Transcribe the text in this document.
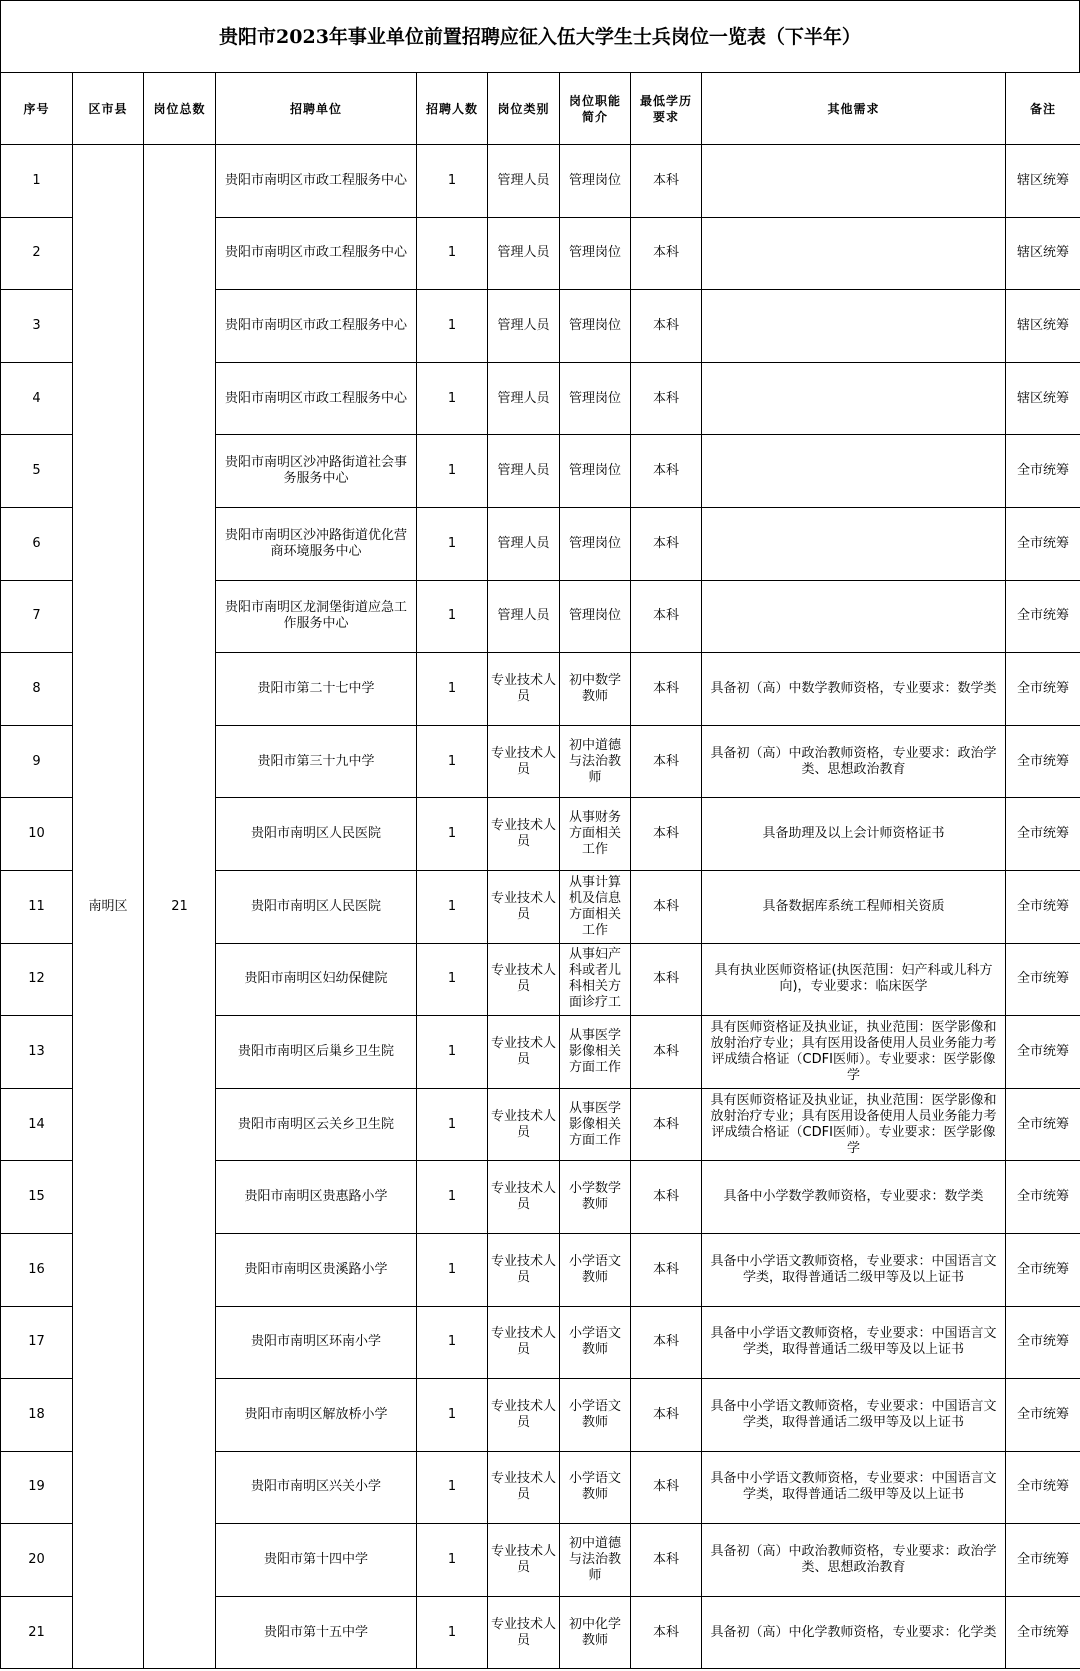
贵阳市2023年事业单位前置招聘应征入伍大学生士兵岗位一览表（下半年）
序号	区市县	岗位总数	招聘单位	招聘人数	岗位类别	岗位职能简介	最低学历要求	其他需求	备注
1	南明区	21	贵阳市南明区市政工程服务中心	1	管理人员	管理岗位	本科		辖区统筹
2			贵阳市南明区市政工程服务中心	1	管理人员	管理岗位	本科		辖区统筹
3			贵阳市南明区市政工程服务中心	1	管理人员	管理岗位	本科		辖区统筹
4			贵阳市南明区市政工程服务中心	1	管理人员	管理岗位	本科		辖区统筹
5			贵阳市南明区沙冲路街道社会事务服务中心	1	管理人员	管理岗位	本科		全市统筹
6			贵阳市南明区沙冲路街道优化营商环境服务中心	1	管理人员	管理岗位	本科		全市统筹
7			贵阳市南明区龙洞堡街道应急工作服务中心	1	管理人员	管理岗位	本科		全市统筹
8			贵阳市第二十七中学	1	专业技术人员	初中数学教师	本科	具备初（高）中数学教师资格，专业要求：数学类	全市统筹
9			贵阳市第三十九中学	1	专业技术人员	初中道德与法治教师	本科	具备初（高）中政治教师资格，专业要求：政治学类、思想政治教育	全市统筹
10			贵阳市南明区人民医院	1	专业技术人员	从事财务方面相关工作	本科	具备助理及以上会计师资格证书	全市统筹
11			贵阳市南明区人民医院	1	专业技术人员	从事计算机及信息方面相关工作	本科	具备数据库系统工程师相关资质	全市统筹
12			贵阳市南明区妇幼保健院	1	专业技术人员	从事妇产科或者儿科相关方面诊疗工	本科	具有执业医师资格证(执医范围：妇产科或儿科方向)，专业要求：临床医学	全市统筹
13			贵阳市南明区后巢乡卫生院	1	专业技术人员	从事医学影像相关方面工作	本科	具有医师资格证及执业证，执业范围：医学影像和放射治疗专业；具有医用设备使用人员业务能力考评成绩合格证（CDFI医师）。专业要求：医学影像学	全市统筹
14			贵阳市南明区云关乡卫生院	1	专业技术人员	从事医学影像相关方面工作	本科	具有医师资格证及执业证，执业范围：医学影像和放射治疗专业；具有医用设备使用人员业务能力考评成绩合格证（CDFI医师）。专业要求：医学影像学	全市统筹
15			贵阳市南明区贵惠路小学	1	专业技术人员	小学数学教师	本科	具备中小学数学教师资格，专业要求：数学类	全市统筹
16			贵阳市南明区贵溪路小学	1	专业技术人员	小学语文教师	本科	具备中小学语文教师资格，专业要求：中国语言文学类，取得普通话二级甲等及以上证书	全市统筹
17			贵阳市南明区环南小学	1	专业技术人员	小学语文教师	本科	具备中小学语文教师资格，专业要求：中国语言文学类，取得普通话二级甲等及以上证书	全市统筹
18			贵阳市南明区解放桥小学	1	专业技术人员	小学语文教师	本科	具备中小学语文教师资格，专业要求：中国语言文学类，取得普通话二级甲等及以上证书	全市统筹
19			贵阳市南明区兴关小学	1	专业技术人员	小学语文教师	本科	具备中小学语文教师资格，专业要求：中国语言文学类，取得普通话二级甲等及以上证书	全市统筹
20			贵阳市第十四中学	1	专业技术人员	初中道德与法治教师	本科	具备初（高）中政治教师资格，专业要求：政治学类、思想政治教育	全市统筹
21			贵阳市第十五中学	1	专业技术人员	初中化学教师	本科	具备初（高）中化学教师资格，专业要求：化学类	全市统筹
